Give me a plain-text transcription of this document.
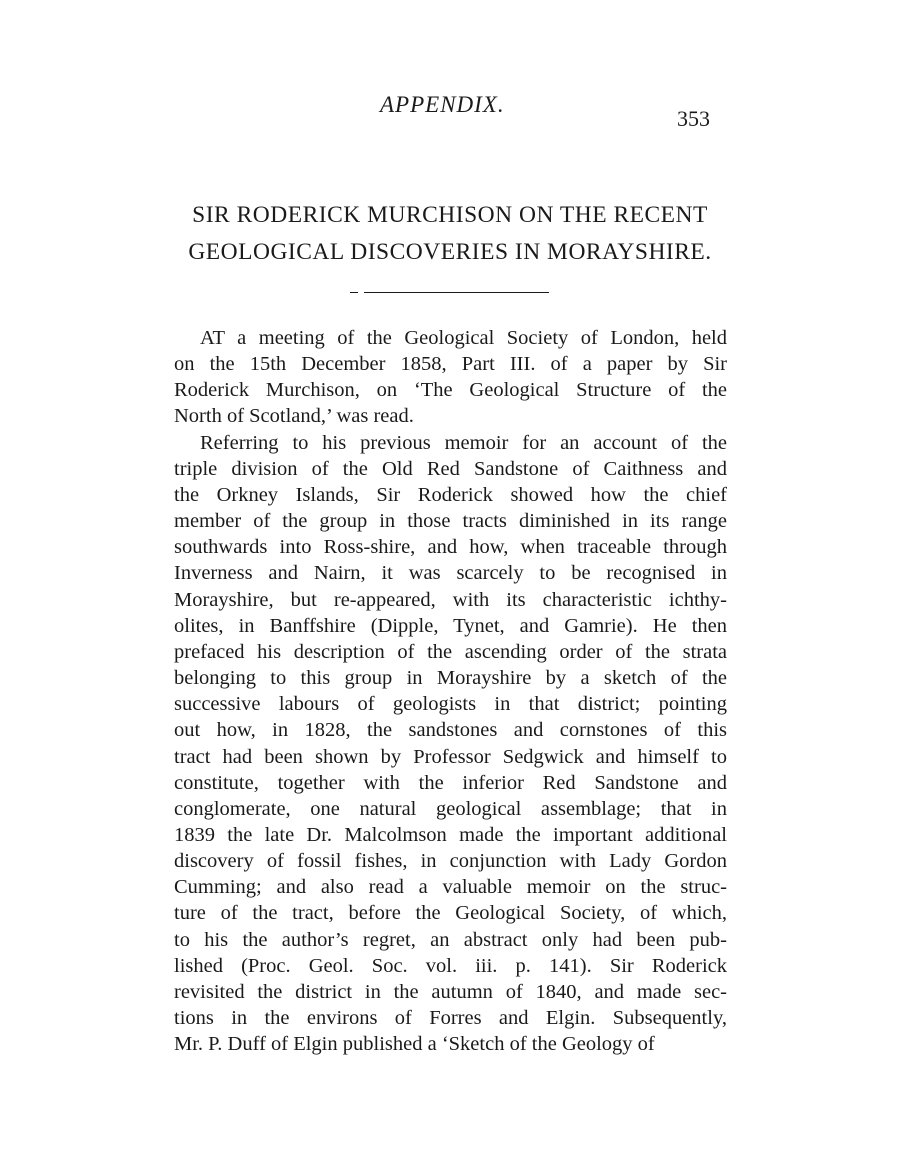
APPENDIX.
353
SIR RODERICK MURCHISON ON THE RECENT
GEOLOGICAL DISCOVERIES IN MORAYSHIRE.

AT a meeting of the Geological Society of London, held
on the 15th December 1858, Part III. of a paper by Sir
Roderick Murchison, on ‘The Geological Structure of the
North of Scotland,’ was read.

Referring to his previous memoir for an account of the
triple division of the Old Red Sandstone of Caithness and
the Orkney Islands, Sir Roderick showed how the chief
member of the group in those tracts diminished in its range
southwards into Ross-shire, and how, when traceable through
Inverness and Nairn, it was scarcely to be recognised in
Morayshire, but re-appeared, with its characteristic ichthy-
olites, in Banffshire (Dipple, Tynet, and Gamrie). He then
prefaced his description of the ascending order of the strata
belonging to this group in Morayshire by a sketch of the
successive labours of geologists in that district; pointing
out how, in 1828, the sandstones and cornstones of this
tract had been shown by Professor Sedgwick and himself to
constitute, together with the inferior Red Sandstone and
conglomerate, one natural geological assemblage; that in
1839 the late Dr. Malcolmson made the important additional
discovery of fossil fishes, in conjunction with Lady Gordon
Cumming; and also read a valuable memoir on the struc-
ture of the tract, before the Geological Society, of which,
to his the author’s regret, an abstract only had been pub-
lished (Proc. Geol. Soc. vol. iii. p. 141). Sir Roderick
revisited the district in the autumn of 1840, and made sec-
tions in the environs of Forres and Elgin. Subsequently,
Mr. P. Duff of Elgin published a ‘Sketch of the Geology of
